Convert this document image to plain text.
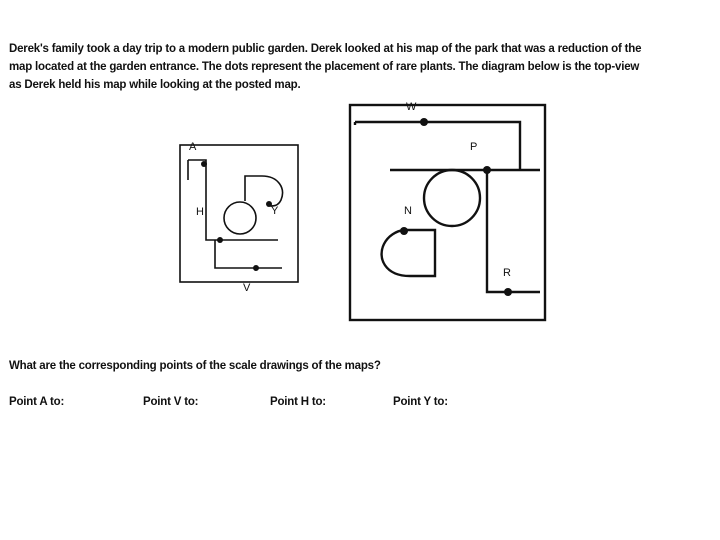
Derek's family took a day trip to a modern public garden. Derek looked at his map of the park that was a reduction of the
map located at the garden entrance. The dots represent the placement of rare plants. The diagram below is the top-view
as Derek held his map while looking at the posted map.
A
H	Y
V
W
P
N
R
What are the corresponding points of the scale drawings of the maps?
Point A to:	Point V to:	Point H to:	Point Y to:
